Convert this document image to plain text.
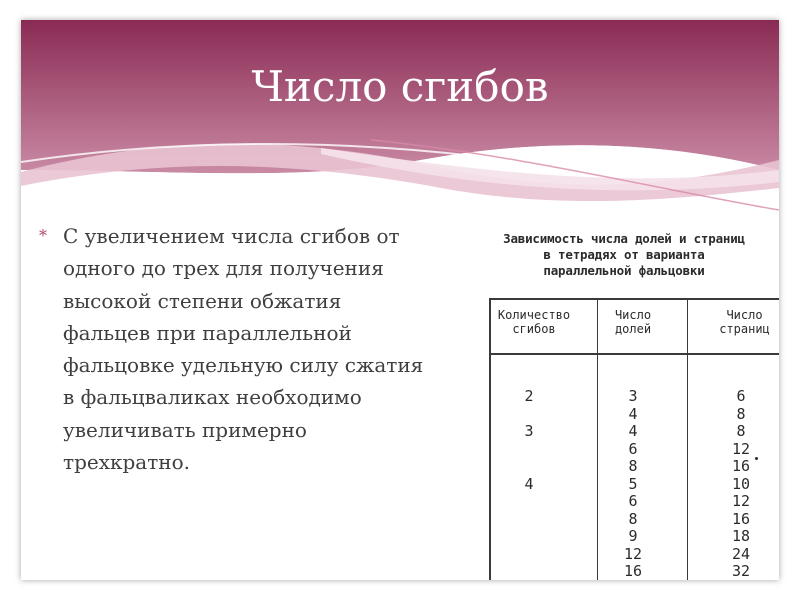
Число сгибов
* С увеличением числа сгибов от одного до трех для получения высокой степени обжатия фальцев при параллельной фальцовке удельную силу сжатия в фальцваликах необходимо увеличивать примерно трехкратно.
Зависимость числа долей и страниц
в тетрадях от варианта
параллельной фальцовки
Количество
сгибов
Число
долей
Число
страниц
2

3

4

3
4
4
6
8
5
6
8
9
12
16
6
8
8
12
16
10
12
16
18
24
32
